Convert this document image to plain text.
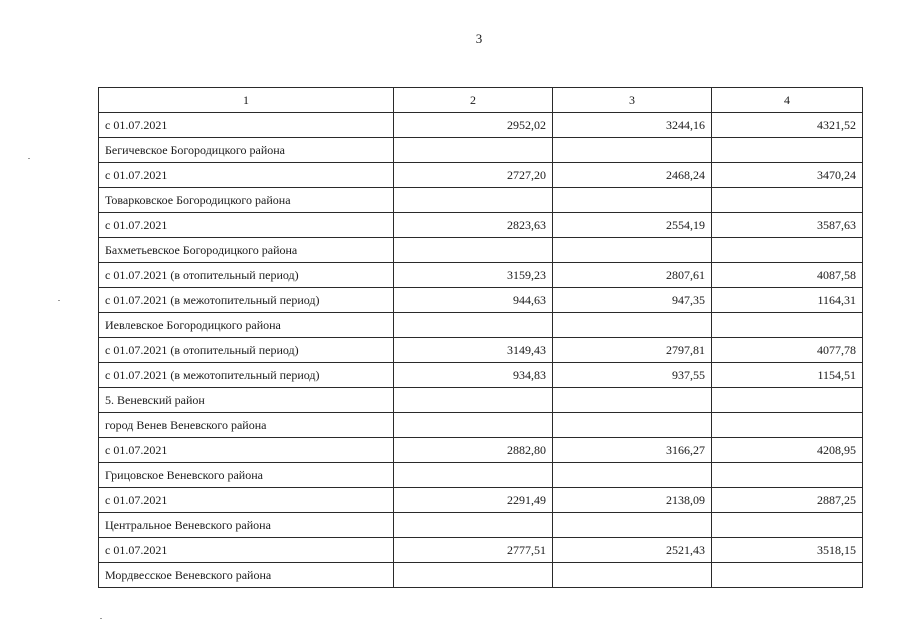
3
1	2	3	4
с 01.07.2021	2952,02	3244,16	4321,52
Бегичевское Богородицкого района			
с 01.07.2021	2727,20	2468,24	3470,24
Товарковское Богородицкого района			
с 01.07.2021	2823,63	2554,19	3587,63
Бахметьевское Богородицкого района			
с 01.07.2021 (в отопительный период)	3159,23	2807,61	4087,58
с 01.07.2021 (в межотопительный период)	944,63	947,35	1164,31
Иевлевское Богородицкого района			
с 01.07.2021 (в отопительный период)	3149,43	2797,81	4077,78
с 01.07.2021 (в межотопительный период)	934,83	937,55	1154,51
5. Веневский район			
город Венев Веневского района			
с 01.07.2021	2882,80	3166,27	4208,95
Грицовское Веневского района			
с 01.07.2021	2291,49	2138,09	2887,25
Центральное Веневского района			
с 01.07.2021	2777,51	2521,43	3518,15
Мордвесское Веневского района			
